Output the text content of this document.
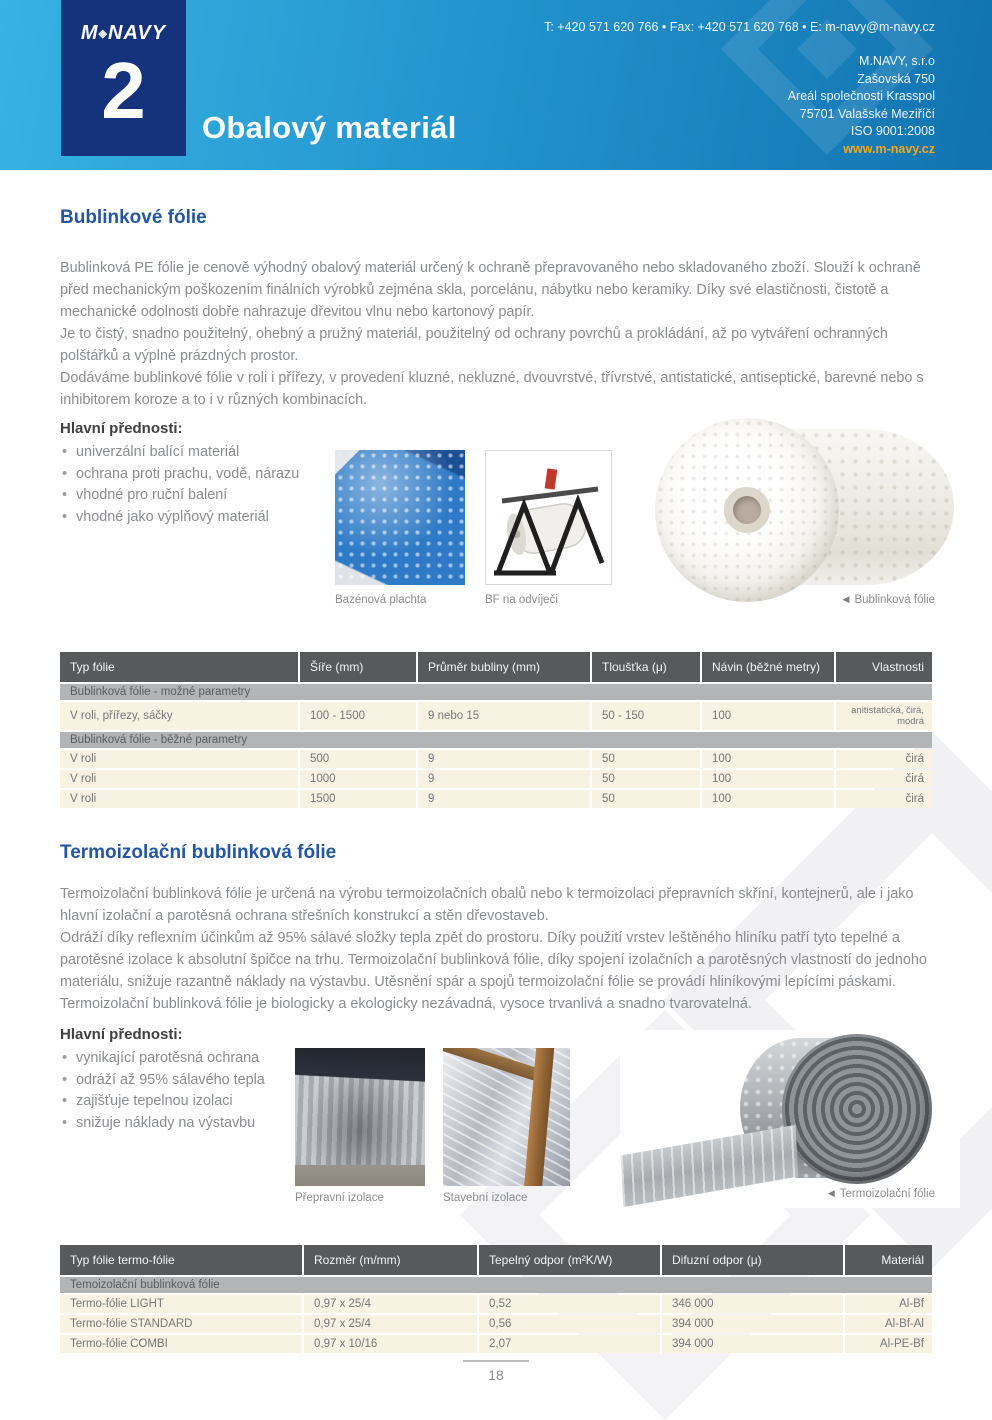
M◈NAVY
2	Obalový materiál
T: +420 571 620 766 • Fax: +420 571 620 768 • E: m-navy@m-navy.cz
M.NAVY, s.r.o
Zašovská 750
Areál společnosti Krasspol
75701 Valašské Meziříčí
ISO 9001:2008
www.m-navy.cz
Bublinkové fólie

Bublinková PE fólie je cenově výhodný obalový materiál určený k ochraně přepravovaného nebo skladovaného zboží. Slouží k ochraně před mechanickým poškozením finálních výrobků zejména skla, porcelánu, nábytku nebo keramiky. Díky své elastičnosti, čistotě a mechanické odolnosti dobře nahrazuje dřevitou vlnu nebo kartonový papír.

Je to čistý, snadno použitelný, ohebný a pružný materiál, použitelný od ochrany povrchů a prokládání, až po vytváření ochranných polštářků a výplně prázdných prostor.

Dodáváme bublinkové fólie v roli i přířezy, v provedení kluzné, nekluzné, dvouvrstvé, třívrstvé, antistatické, antiseptické, barevné nebo s inhibitorem koroze a to i v různých kombinacích.

Hlavní přednosti:
• univerzální balící materiál
• ochrana proti prachu, vodě, nárazu
• vhodné pro ruční balení
• vhodné jako výplňový materiál
Bazénová plachta	BF na odvíječi	◀ Bublinková fólie
Typ fólie	Šíře (mm)	Průměr bubliny (mm)	Tloušťka (μ)	Návin (běžné metry)	Vlastnosti
Bublinková fólie - možné parametry					
V roli, přířezy, sáčky	100 - 1500	9 nebo 15	50 - 150	100	anitistatická, čirá, modrá
Bublinková fólie - běžné parametry					
V roli	500	9	50	100	čirá
V roli	1000	9	50	100	čirá
V roli	1500	9	50	100	čirá
Termoizolační bublinková fólie

Termoizolační bublinková fólie je určená na výrobu termoizolačních obalů nebo k termoizolaci přepravních skříní, kontejnerů, ale i jako hlavní izolační a parotěsná ochrana střešních konstrukcí a stěn dřevostaveb.

Odráží díky reflexním účinkům až 95% sálavé složky tepla zpět do prostoru. Díky použití vrstev leštěného hliníku patří tyto tepelné a parotěsné izolace k absolutní špičce na trhu. Termoizolační bublinková fólie, díky spojení izolačních a parotěsných vlastností do jednoho materiálu, snižuje razantně náklady na výstavbu. Utěsnění spár a spojů termoizolační fólie se provádí hliníkovými lepícími páskami. Termoizolační bublinková fólie je biologicky a ekologicky nezávadná, vysoce trvanlivá a snadno tvarovatelná.

Hlavní přednosti:
• vynikající parotěsná ochrana
• odráží až 95% sálavého tepla
• zajišťuje tepelnou izolaci
• snižuje náklady na výstavbu
Přepravní izolace	Stavební izolace	◀ Termoizolační fólie
Typ fólie termo-fólie	Rozměr (m/mm)	Tepelný odpor (m²K/W)	Difuzní odpor (μ)	Materiál
Temoizolační bublinková fólie				
Termo-fólie LIGHT	0,97 x 25/4	0,52	346 000	Al-Bf
Termo-fólie STANDARD	0,97 x 25/4	0,56	394 000	Al-Bf-Al
Termo-fólie COMBI	0,97 x 10/16	2,07	394 000	Al-PE-Bf
18
